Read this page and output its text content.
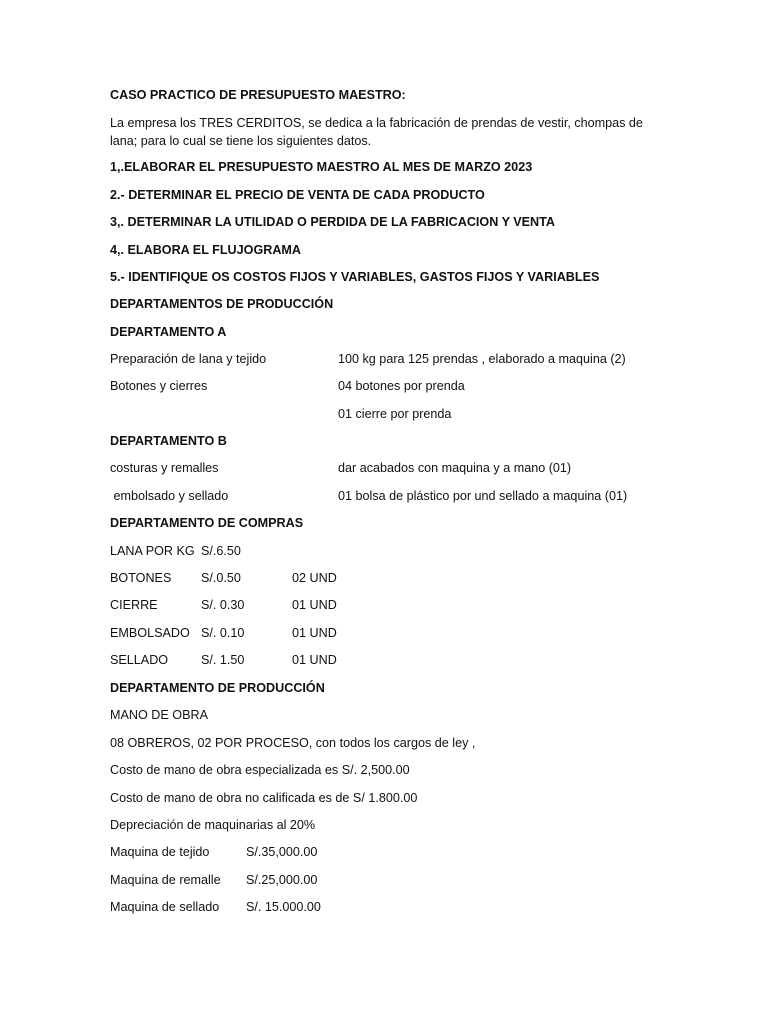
CASO PRACTICO DE PRESUPUESTO MAESTRO:

La empresa los TRES CERDITOS, se dedica a la fabricación de prendas de vestir, chompas de

lana; para lo cual se tiene los siguientes datos.

1,.ELABORAR EL PRESUPUESTO MAESTRO AL MES DE MARZO 2023

2.- DETERMINAR EL PRECIO DE VENTA DE CADA PRODUCTO

3,. DETERMINAR LA UTILIDAD O PERDIDA DE LA FABRICACION Y VENTA

4,. ELABORA EL FLUJOGRAMA

5.- IDENTIFIQUE OS COSTOS FIJOS Y VARIABLES, GASTOS FIJOS Y VARIABLES

DEPARTAMENTOS DE PRODUCCIÓN

DEPARTAMENTO A

Preparación de lana y tejido	100 kg para 125 prendas , elaborado a maquina (2)
Botones y cierres	04 botones por prenda
01 cierre por prenda

DEPARTAMENTO B

costuras y remalles	dar acabados con maquina y a mano (01)
embolsado y sellado	01 bolsa de plástico por und sellado a maquina (01)

DEPARTAMENTO DE COMPRAS

LANA POR KG S/.6.50
BOTONES S/.0.50	02 UND
CIERRE	S/. 0.30	01 UND
EMBOLSADO S/. 0.10	01 UND
SELLADO	S/. 1.50	01 UND

DEPARTAMENTO DE PRODUCCIÓN

MANO DE OBRA

08 OBREROS, 02 POR PROCESO, con todos los cargos de ley ,

Costo de mano de obra especializada es S/. 2,500.00

Costo de mano de obra no calificada es de S/ 1.800.00

Depreciación de maquinarias al 20%

Maquina de tejido	S/.35,000.00
Maquina de remalle S/.25,000.00
Maquina de sellado S/. 15.000.00
